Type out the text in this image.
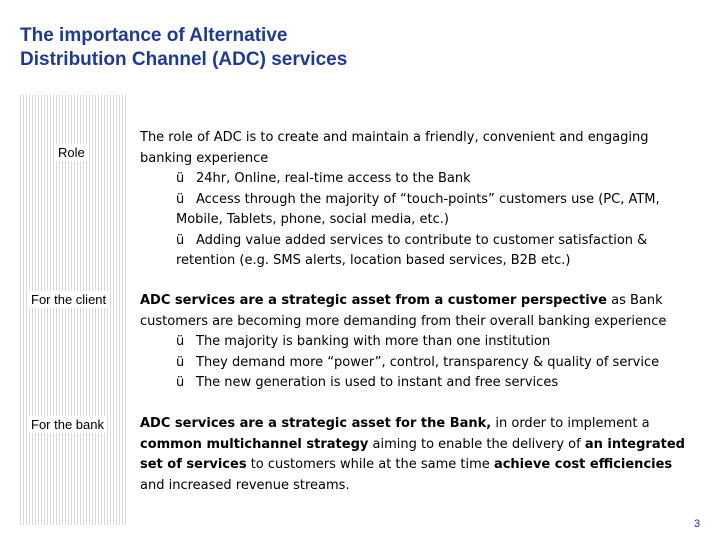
The importance of Alternative
Distribution Channel (ADC) services
Role
For the client
For the bank
The role of ADC is to create and maintain a friendly, convenient and engaging banking experience
ü 24hr, Online, real-time access to the Bank
ü Access through the majority of “touch-points” customers use (PC, ATM, Mobile, Tablets, phone, social media, etc.)
ü Adding value added services to contribute to customer satisfaction & retention (e.g. SMS alerts, location based services, B2B etc.)
ADC services are a strategic asset from a customer perspective as Bank customers are becoming more demanding from their overall banking experience
ü The majority is banking with more than one institution
ü They demand more “power”, control, transparency & quality of service
ü The new generation is used to instant and free services
ADC services are a strategic asset for the Bank, in order to implement a common multichannel strategy aiming to enable the delivery of an integrated set of services to customers while at the same time achieve cost efficiencies and increased revenue streams.
3
